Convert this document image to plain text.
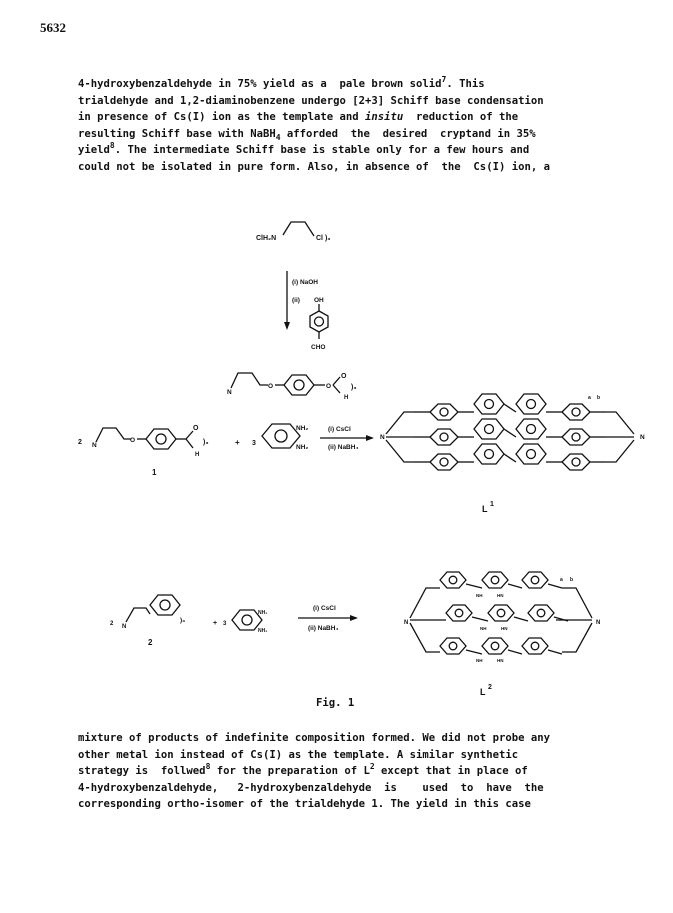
5632
4-hydroxybenzaldehyde in 75% yield as a  pale brown solid$^7$. This
trialdehyde and 1,2-diaminobenzene undergo [2+3] Schiff base condensation
in presence of Cs(I) ion as the template and insitu  reduction of the
resulting Schiff base with NaBH$_4$ afforded  the  desired  cryptand in 35%
yield$^8$. The intermediate Schiff base is stable only for a few hours and
could not be isolated in pure form. Also, in absence of  the  Cs(I) ion, a
ClH₂N	Cl )₃
(i) NaOH
(ii) OH
CHO
N
O	O
O
H
)₃
2 N
O
O
H
)₃
1
+ 3
NH₂
NH₂
(i) CsCl
(ii) NaBH₄
N	N
a b
L 1
2 N
)₃
2
+ 3
NH₂
NH₂
(i) CsCl
(ii) NaBH₄
N	N
NH	HN
NH	HN
NH	HN
a b
L 2
Fig. 1
mixture of products of indefinite composition formed. We did not probe any
other metal ion instead of Cs(I) as the template. A similar synthetic
strategy is  follwed$^8$ for the preparation of $L^2$ except that in place of
4-hydroxybenzaldehyde,   2-hydroxybenzaldehyde  is    used  to  have  the
corresponding ortho-isomer of the trialdehyde 1. The yield in this case
